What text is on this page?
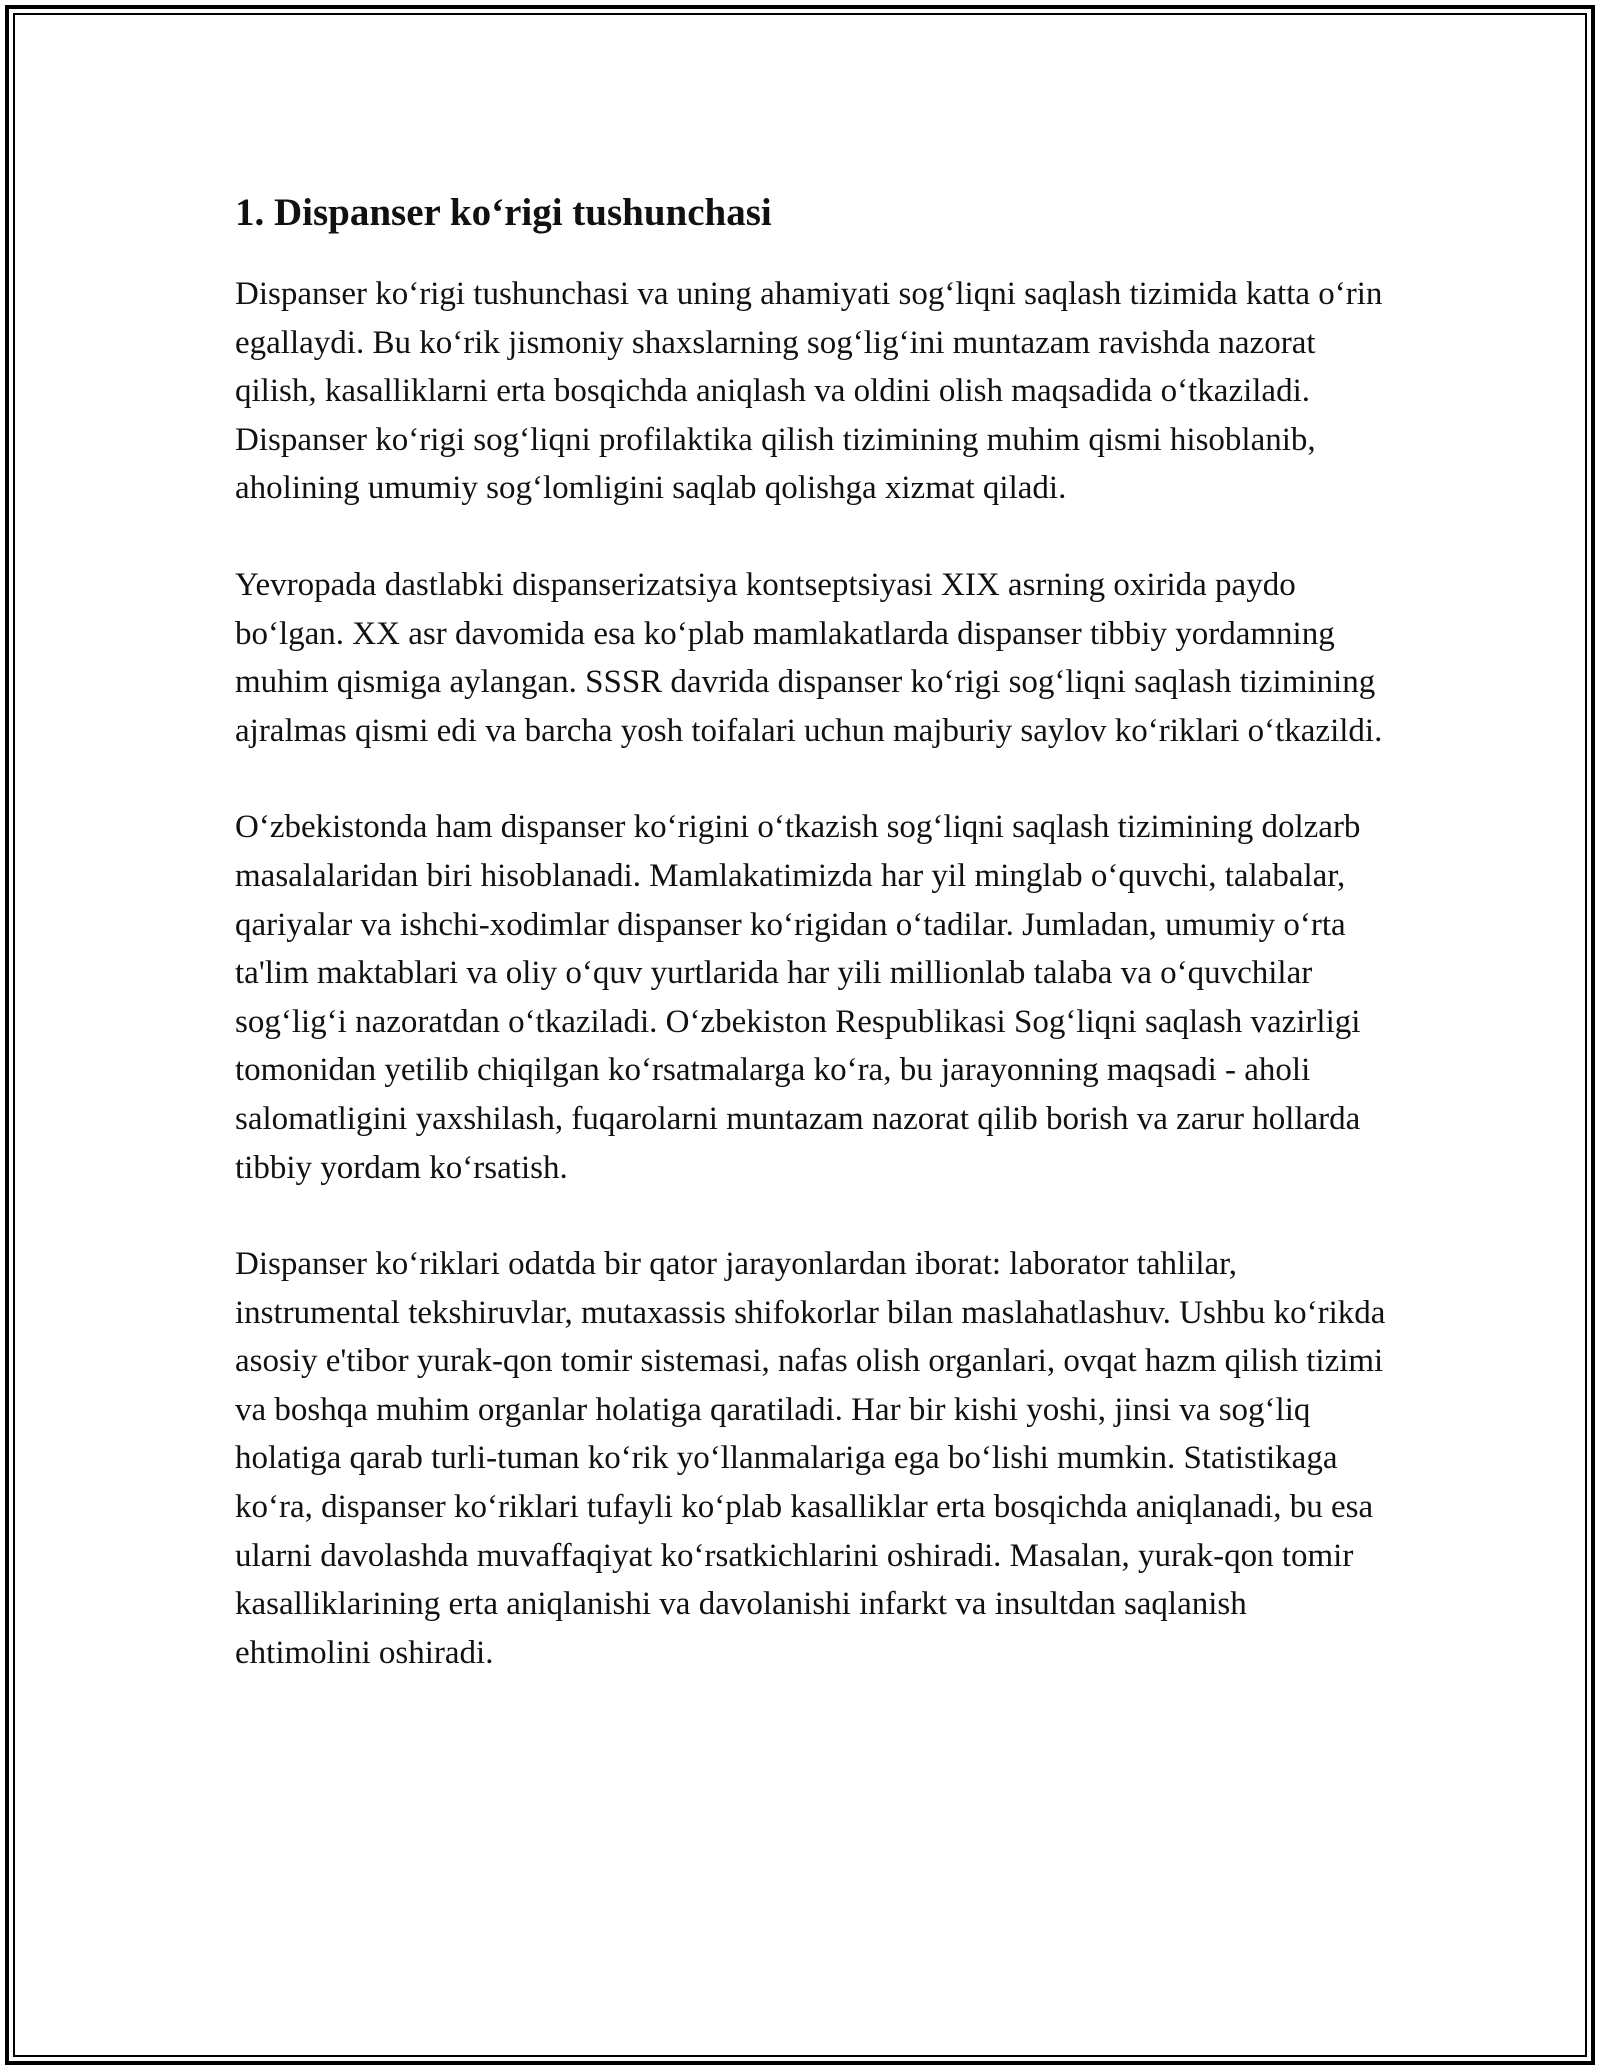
1. Dispanser ko‘rigi tushunchasi

Dispanser ko‘rigi tushunchasi va uning ahamiyati sog‘liqni saqlash tizimida katta o‘rin egallaydi. Bu ko‘rik jismoniy shaxslarning sog‘lig‘ini muntazam ravishda nazorat qilish, kasalliklarni erta bosqichda aniqlash va oldini olish maqsadida o‘tkaziladi. Dispanser ko‘rigi sog‘liqni profilaktika qilish tizimining muhim qismi hisoblanib, aholining umumiy sog‘lomligini saqlab qolishga xizmat qiladi.

Yevropada dastlabki dispanserizatsiya kontseptsiyasi XIX asrning oxirida paydo bo‘lgan. XX asr davomida esa ko‘plab mamlakatlarda dispanser tibbiy yordamning muhim qismiga aylangan. SSSR davrida dispanser ko‘rigi sog‘liqni saqlash tizimining ajralmas qismi edi va barcha yosh toifalari uchun majburiy saylov ko‘riklari o‘tkazildi.

O‘zbekistonda ham dispanser ko‘rigini o‘tkazish sog‘liqni saqlash tizimining dolzarb masalalaridan biri hisoblanadi. Mamlakatimizda har yil minglab o‘quvchi, talabalar, qariyalar va ishchi-xodimlar dispanser ko‘rigidan o‘tadilar. Jumladan, umumiy o‘rta ta'lim maktablari va oliy o‘quv yurtlarida har yili millionlab talaba va o‘quvchilar sog‘lig‘i nazoratdan o‘tkaziladi. O‘zbekiston Respublikasi Sog‘liqni saqlash vazirligi tomonidan yetilib chiqilgan ko‘rsatmalarga ko‘ra, bu jarayonning maqsadi - aholi salomatligini yaxshilash, fuqarolarni muntazam nazorat qilib borish va zarur hollarda tibbiy yordam ko‘rsatish.

Dispanser ko‘riklari odatda bir qator jarayonlardan iborat: laborator tahlilar, instrumental tekshiruvlar, mutaxassis shifokorlar bilan maslahatlashuv. Ushbu ko‘rikda asosiy e'tibor yurak-qon tomir sistemasi, nafas olish organlari, ovqat hazm qilish tizimi va boshqa muhim organlar holatiga qaratiladi. Har bir kishi yoshi, jinsi va sog‘liq holatiga qarab turli-tuman ko‘rik yo‘llanmalariga ega bo‘lishi mumkin. Statistikaga ko‘ra, dispanser ko‘riklari tufayli ko‘plab kasalliklar erta bosqichda aniqlanadi, bu esa ularni davolashda muvaffaqiyat ko‘rsatkichlarini oshiradi. Masalan, yurak-qon tomir kasalliklarining erta aniqlanishi va davolanishi infarkt va insultdan saqlanish ehtimolini oshiradi.
